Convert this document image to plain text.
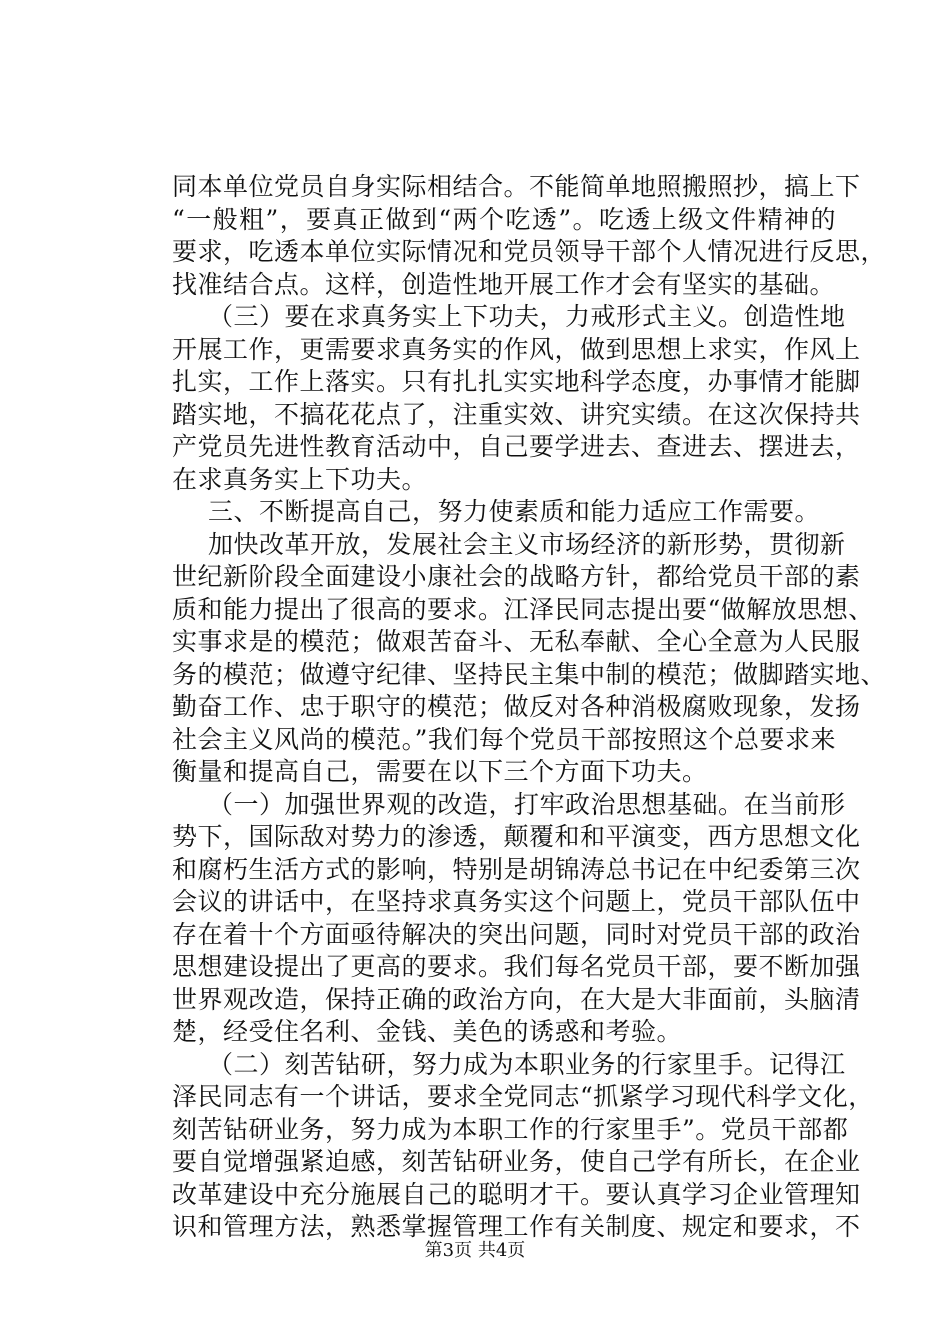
同本单位党员自身实际相结合。不能简单地照搬照抄，搞上下
“一般粗”，要真正做到“两个吃透”。吃透上级文件精神的
要求，吃透本单位实际情况和党员领导干部个人情况进行反思，
找准结合点。这样，创造性地开展工作才会有坚实的基础。
（三）要在求真务实上下功夫，力戒形式主义。创造性地
开展工作，更需要求真务实的作风，做到思想上求实，作风上
扎实，工作上落实。只有扎扎实实地科学态度，办事情才能脚
踏实地，不搞花花点了，注重实效、讲究实绩。在这次保持共
产党员先进性教育活动中，自己要学进去、查进去、摆进去，
在求真务实上下功夫。
三、不断提高自己，努力使素质和能力适应工作需要。
加快改革开放，发展社会主义市场经济的新形势，贯彻新
世纪新阶段全面建设小康社会的战略方针，都给党员干部的素
质和能力提出了很高的要求。江泽民同志提出要“做解放思想、
实事求是的模范；做艰苦奋斗、无私奉献、全心全意为人民服
务的模范；做遵守纪律、坚持民主集中制的模范；做脚踏实地、
勤奋工作、忠于职守的模范；做反对各种消极腐败现象，发扬
社会主义风尚的模范。”我们每个党员干部按照这个总要求来
衡量和提高自己，需要在以下三个方面下功夫。
（一）加强世界观的改造，打牢政治思想基础。在当前形
势下，国际敌对势力的渗透，颠覆和和平演变，西方思想文化
和腐朽生活方式的影响，特别是胡锦涛总书记在中纪委第三次
会议的讲话中，在坚持求真务实这个问题上，党员干部队伍中
存在着十个方面亟待解决的突出问题，同时对党员干部的政治
思想建设提出了更高的要求。我们每名党员干部，要不断加强
世界观改造，保持正确的政治方向，在大是大非面前，头脑清
楚，经受住名利、金钱、美色的诱惑和考验。
（二）刻苦钻研，努力成为本职业务的行家里手。记得江
泽民同志有一个讲话，要求全党同志“抓紧学习现代科学文化，
刻苦钻研业务，努力成为本职工作的行家里手”。党员干部都
要自觉增强紧迫感，刻苦钻研业务，使自己学有所长，在企业
改革建设中充分施展自己的聪明才干。要认真学习企业管理知
识和管理方法，熟悉掌握管理工作有关制度、规定和要求，不
第3页 共4页
